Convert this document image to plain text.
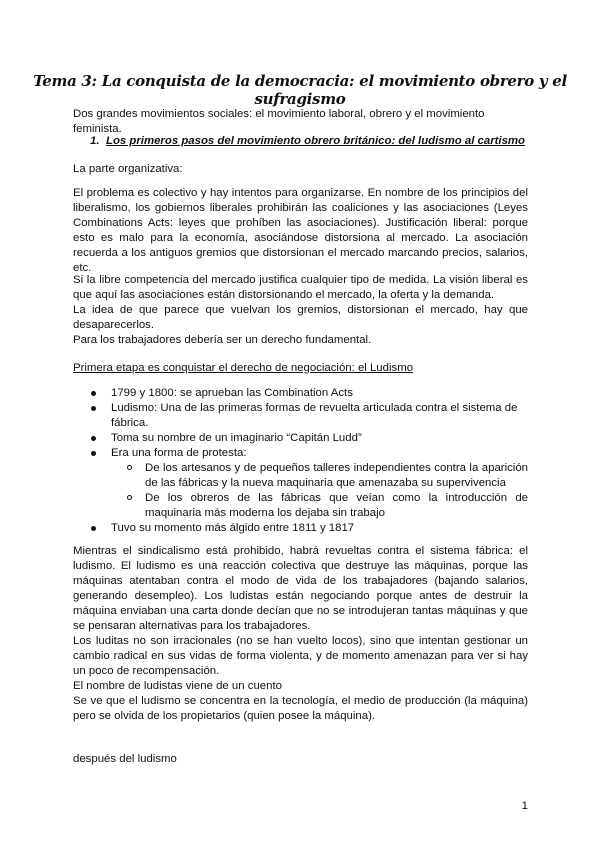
Tema 3: La conquista de la democracia: el movimiento obrero y el sufragismo
Dos grandes movimientos sociales: el movimiento laboral, obrero y el movimiento feminista.
1. Los primeros pasos del movimiento obrero británico: del ludismo al cartismo
La parte organizativa:
El problema es colectivo y hay intentos para organizarse. En nombre de los principios del liberalismo, los gobiernos liberales prohibirán las coaliciones y las asociaciones (Leyes Combinations Acts: leyes que prohíben las asociaciones). Justificación liberal: porque esto es malo para la economía, asociándose distorsiona al mercado. La asociación recuerda a los antiguos gremios que distorsionan el mercado marcando precios, salarios, etc.
Si la libre competencia del mercado justifica cualquier tipo de medida. La visión liberal es que aquí las asociaciones están distorsionando el mercado, la oferta y la demanda.
La idea de que parece que vuelvan los gremios, distorsionan el mercado, hay que desaparecerlos.
Para los trabajadores debería ser un derecho fundamental.
Primera etapa es conquistar el derecho de negociación: el Ludismo
1799 y 1800: se aprueban las Combination Acts
Ludismo: Una de las primeras formas de revuelta articulada contra el sistema de fábrica.
Toma su nombre de un imaginario “Capitán Ludd”
Era una forma de protesta:
De los artesanos y de pequeños talleres independientes contra la aparición de las fábricas y la nueva maquinaria que amenazaba su supervivencia
De los obreros de las fábricas que veían como la introducción de maquinaria más moderna los dejaba sin trabajo
Tuvo su momento más álgido entre 1811 y 1817
Mientras el sindicalismo está prohibido, habrá revueltas contra el sistema fábrica: el ludismo. El ludismo es una reacción colectiva que destruye las máquinas, porque las máquinas atentaban contra el modo de vida de los trabajadores (bajando salarios, generando desempleo). Los ludistas están negociando porque antes de destruir la máquina enviaban una carta donde decían que no se introdujeran tantas máquinas y que se pensaran alternativas para los trabajadores.
Los luditas no son irracionales (no se han vuelto locos), sino que intentan gestionar un cambio radical en sus vidas de forma violenta, y de momento amenazan para ver si hay un poco de recompensación.
El nombre de ludistas viene de un cuento
Se ve que el ludismo se concentra en la tecnología, el medio de producción (la máquina) pero se olvida de los propietarios (quien posee la máquina).
después del ludismo
1
